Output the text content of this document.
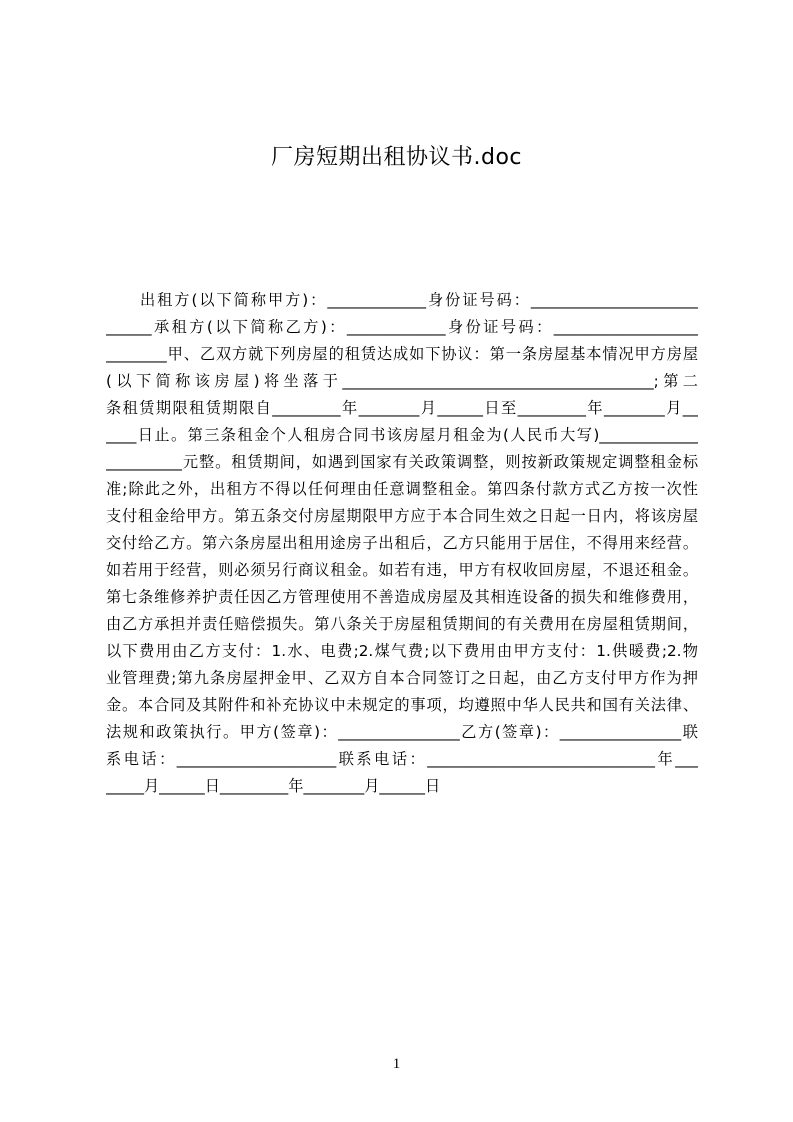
厂房短期出租协议书.doc
出租方(以下简称甲方)：_____________身份证号码：______________________
______承租方(以下简称乙方)：_____________身份证号码：___________________
________甲、乙双方就下列房屋的租赁达成如下协议：第一条房屋基本情况甲方房屋
(以下简称该房屋)将坐落于_________________________________________;第二
条租赁期限租赁期限自_________年________月______日至_________年________月__
____日止。第三条租金个人租房合同书该房屋月租金为(人民币大写)_____________
__________元整。租赁期间，如遇到国家有关政策调整，则按新政策规定调整租金标
准;除此之外，出租方不得以任何理由任意调整租金。第四条付款方式乙方按一次性
支付租金给甲方。第五条交付房屋期限甲方应于本合同生效之日起一日内，将该房屋
交付给乙方。第六条房屋出租用途房子出租后，乙方只能用于居住，不得用来经营。
如若用于经营，则必须另行商议租金。如若有违，甲方有权收回房屋，不退还租金。
第七条维修养护责任因乙方管理使用不善造成房屋及其相连设备的损失和维修费用，
由乙方承担并责任赔偿损失。第八条关于房屋租赁期间的有关费用在房屋租赁期间，
以下费用由乙方支付：1.水、电费;2.煤气费;以下费用由甲方支付：1.供暖费;2.物
业管理费;第九条房屋押金甲、乙双方自本合同签订之日起，由乙方支付甲方作为押
金。本合同及其附件和补充协议中未规定的事项，均遵照中华人民共和国有关法律、
法规和政策执行。甲方(签章)：________________乙方(签章)：________________联
系电话：_____________________联系电话：______________________________年___
_____月______日_________年________月______日
1
